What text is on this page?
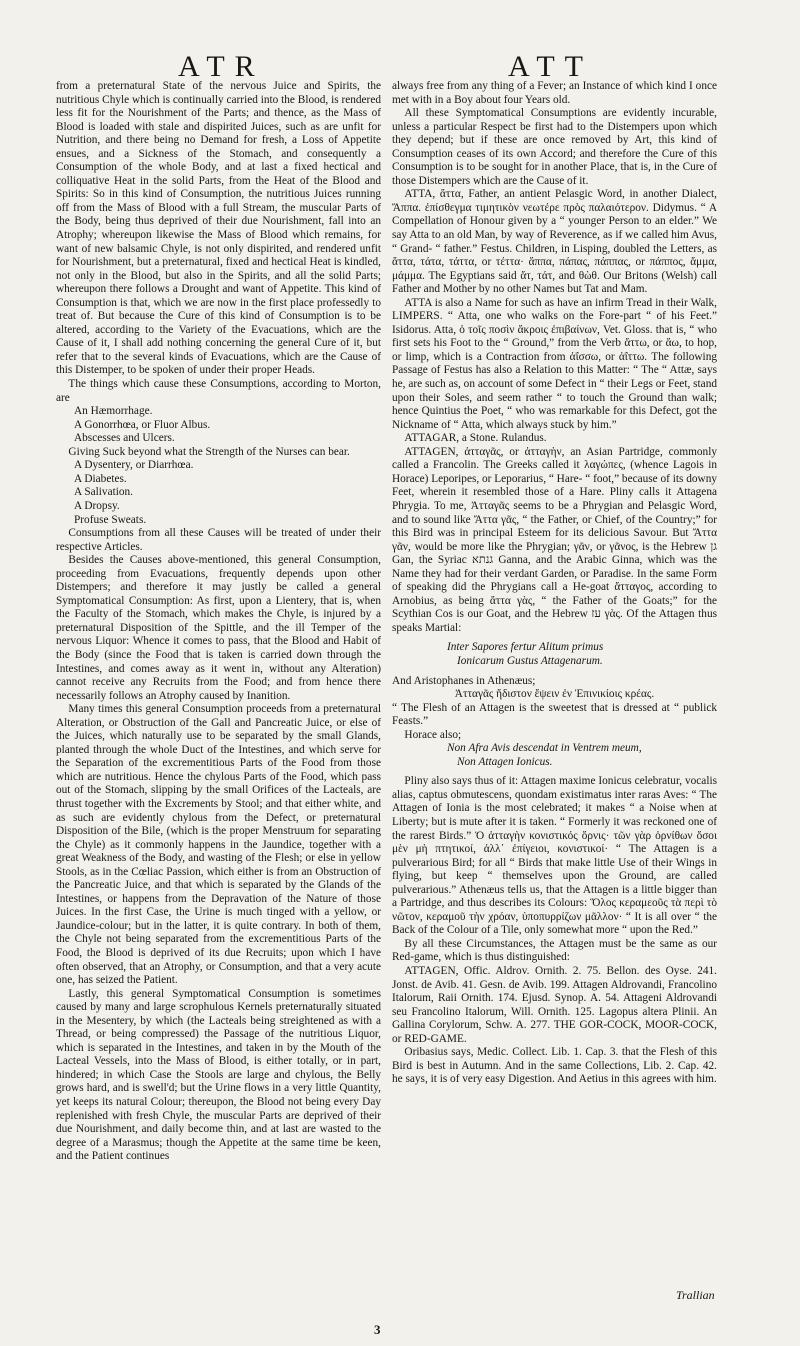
ATR	ATT

from a preternatural State of the nervous Juice and Spirits, the nutritious Chyle which is continually carried into the Blood, is rendered less fit for the Nourishment of the Parts; and thence, as the Mass of Blood is loaded with stale and dispirited Juices, such as are unfit for Nutrition, and there being no Demand for fresh, a Loss of Appetite ensues, and a Sickness of the Stomach, and consequently a Consumption of the whole Body, and at last a fixed hectical and colliquative Heat in the solid Parts, from the Heat of the Blood and Spirits: So in this kind of Consumption, the nutritious Juices running off from the Mass of Blood with a full Stream, the muscular Parts of the Body, being thus deprived of their due Nourishment, fall into an Atrophy; whereupon likewise the Mass of Blood which remains, for want of new balsamic Chyle, is not only dispirited, and rendered unfit for Nourishment, but a preternatural, fixed and hectical Heat is kindled, not only in the Blood, but also in the Spirits, and all the solid Parts; whereupon there follows a Drought and want of Appetite. This kind of Consumption is that, which we are now in the first place professedly to treat of. But because the Cure of this kind of Consumption is to be altered, according to the Variety of the Evacuations, which are the Cause of it, I shall add nothing concerning the general Cure of it, but refer that to the several kinds of Evacuations, which are the Cause of this Distemper, to be spoken of under their proper Heads.

The things which cause these Consumptions, according to Morton, are

An Hæmorrhage.

A Gonorrhœa, or Fluor Albus.

Abscesses and Ulcers.

Giving Suck beyond what the Strength of the Nurses can bear.

A Dysentery, or Diarrhœa.

A Diabetes.

A Salivation.

A Dropsy.

Profuse Sweats.

Consumptions from all these Causes will be treated of under their respective Articles.

Besides the Causes above-mentioned, this general Consumption, proceeding from Evacuations, frequently depends upon other Distempers; and therefore it may justly be called a general Symptomatical Consumption: As first, upon a Lientery, that is, when the Faculty of the Stomach, which makes the Chyle, is injured by a preternatural Disposition of the Spittle, and the ill Temper of the nervous Liquor: Whence it comes to pass, that the Blood and Habit of the Body (since the Food that is taken is carried down through the Intestines, and comes away as it went in, without any Alteration) cannot receive any Recruits from the Food; and from hence there necessarily follows an Atrophy caused by Inanition.

Many times this general Consumption proceeds from a preternatural Alteration, or Obstruction of the Gall and Pancreatic Juice, or else of the Juices, which naturally use to be separated by the small Glands, planted through the whole Duct of the Intestines, and which serve for the Separation of the excrementitious Parts of the Food from those which are nutritious. Hence the chylous Parts of the Food, which pass out of the Stomach, slipping by the small Orifices of the Lacteals, are thrust together with the Excrements by Stool; and that either white, and as such are evidently chylous from the Defect, or preternatural Disposition of the Bile, (which is the proper Menstruum for separating the Chyle) as it commonly happens in the Jaundice, together with a great Weakness of the Body, and wasting of the Flesh; or else in yellow Stools, as in the Cœliac Passion, which either is from an Obstruction of the Pancreatic Juice, and that which is separated by the Glands of the Intestines, or happens from the Depravation of the Nature of those Juices. In the first Case, the Urine is much tinged with a yellow, or Jaundice-colour; but in the latter, it is quite contrary. In both of them, the Chyle not being separated from the excrementitious Parts of the Food, the Blood is deprived of its due Recruits; upon which I have often observed, that an Atrophy, or Consumption, and that a very acute one, has seized the Patient.

Lastly, this general Symptomatical Consumption is sometimes caused by many and large scrophulous Kernels preternaturally situated in the Mesentery, by which (the Lacteals being streightened as with a Thread, or being compressed) the Passage of the nutritious Liquor, which is separated in the Intestines, and taken in by the Mouth of the Lacteal Vessels, into the Mass of Blood, is either totally, or in part, hindered; in which Case the Stools are large and chylous, the Belly grows hard, and is swell'd; but the Urine flows in a very little Quantity, yet keeps its natural Colour; thereupon, the Blood not being every Day replenished with fresh Chyle, the muscular Parts are deprived of their due Nourishment, and daily become thin, and at last are wasted to the degree of a Marasmus; though the Appetite at the same time be keen, and the Patient continues

always free from any thing of a Fever; an Instance of which kind I once met with in a Boy about four Years old.

All these Symptomatical Consumptions are evidently incurable, unless a particular Respect be first had to the Distempers upon which they depend; but if these are once removed by Art, this kind of Consumption ceases of its own Accord; and therefore the Cure of this Consumption is to be sought for in another Place, that is, in the Cure of those Distempers which are the Cause of it.

ATTA, ἄττα, Father, an antient Pelasgic Word, in another Dialect, Ἄππα. ἐπίσθεγμα τιμητικὸν νεωτέρε πρὸς παλαιότερον. Didymus. “ A Compellation of Honour given by a “ younger Person to an elder.” We say Atta to an old Man, by way of Reverence, as if we called him Avus, “ Grand- “ father.” Festus. Children, in Lisping, doubled the Letters, as ἄττα, τάτα, τάττα, or τέττα· ἄππα, πάπας, πάππας, or πάππος, ἄμμα, μάμμα. The Egyptians said ἄτ, τάτ, and θὼθ. Our Britons (Welsh) call Father and Mother by no other Names but Tat and Mam.

ATTA is also a Name for such as have an infirm Tread in their Walk, LIMPERS. “ Atta, one who walks on the Fore-part “ of his Feet.” Isidorus. Atta, ὁ τοῖς ποσὶν ἄκροις ἐπιβαίνων, Vet. Gloss. that is, “ who first sets his Foot to the “ Ground,” from the Verb ἄττω, or ἄω, to hop, or limp, which is a Contraction from ἀΐσσω, or ἀΐττω. The following Passage of Festus has also a Relation to this Matter: “ The “ Attæ, says he, are such as, on account of some Defect in “ their Legs or Feet, stand upon their Soles, and seem rather “ to touch the Ground than walk; hence Quintius the Poet, “ who was remarkable for this Defect, got the Nickname of “ Atta, which always stuck by him.”

ATTAGAR, a Stone. Rulandus.

ATTAGEN, ἀτταγᾶς, or ἀτταγὴν, an Asian Partridge, commonly called a Francolin. The Greeks called it λαγώπες, (whence Lagois in Horace) Leporipes, or Leporarius, “ Hare- “ foot,” because of its downy Feet, wherein it resembled those of a Hare. Pliny calls it Attagena Phrygia. To me, Ἀτταγᾶς seems to be a Phrygian and Pelasgic Word, and to sound like Ἄττα γᾶς, “ the Father, or Chief, of the Country;” for this Bird was in principal Esteem for its delicious Savour. But Ἄττα γᾶν, would be more like the Phrygian; γᾶν, or γᾶνος, is the Hebrew גן Gan, the Syriac גנתא Ganna, and the Arabic Ginna, which was the Name they had for their verdant Garden, or Paradise. In the same Form of speaking did the Phrygians call a He-goat ἄτταγος, according to Arnobius, as being ἄττα γὰς, “ the Father of the Goats;” for the Scythian Cos is our Goat, and the Hebrew עז γὰς. Of the Attagen thus speaks Martial:

Inter Sapores fertur Alitum primus

Ionicarum Gustus Attagenarum.

And Aristophanes in Athenæus;

Ἀτταγᾶς ἥδιστον ἕψειν ἐν Ἐπινικίοις κρέας.

“ The Flesh of an Attagen is the sweetest that is dressed at “ publick Feasts.”

Horace also;

Non Afra Avis descendat in Ventrem meum,

Non Attagen Ionicus.

Pliny also says thus of it: Attagen maxime Ionicus celebratur, vocalis alias, captus obmutescens, quondam existimatus inter raras Aves: “ The Attagen of Ionia is the most celebrated; it makes “ a Noise when at Liberty; but is mute after it is taken. “ Formerly it was reckoned one of the rarest Birds.” Ὁ ἀτταγὴν κονιστικός ὄρνις· τῶν γὰρ ὀρνίθων ὅσοι μὲν μὴ πτητικοί, ἀλλ᾽ ἐπίγειοι, κονιστικοί· “ The Attagen is a pulverarious Bird; for all “ Birds that make little Use of their Wings in flying, but keep “ themselves upon the Ground, are called pulverarious.” Athenæus tells us, that the Attagen is a little bigger than a Partridge, and thus describes its Colours: Ὅλος κεραμεοῦς τὰ περὶ τὸ νῶτον, κεραμοῦ τὴν χρόαν, ὑποπυρρίζων μᾶλλον· “ It is all over “ the Back of the Colour of a Tile, only somewhat more “ upon the Red.”

By all these Circumstances, the Attagen must be the same as our Red-game, which is thus distinguished:

ATTAGEN, Offic. Aldrov. Ornith. 2. 75. Bellon. des Oyse. 241. Jonst. de Avib. 41. Gesn. de Avib. 199. Attagen Aldrovandi, Francolino Italorum, Raii Ornith. 174. Ejusd. Synop. A. 54. Attageni Aldrovandi seu Francolino Italorum, Will. Ornith. 125. Lagopus altera Plinii. An Gallina Corylorum, Schw. A. 277. THE GOR-COCK, MOOR-COCK, or RED-GAME.

Oribasius says, Medic. Collect. Lib. 1. Cap. 3. that the Flesh of this Bird is best in Autumn. And in the same Collections, Lib. 2. Cap. 42. he says, it is of very easy Digestion. And Aetius in this agrees with him.

Trallian
3
